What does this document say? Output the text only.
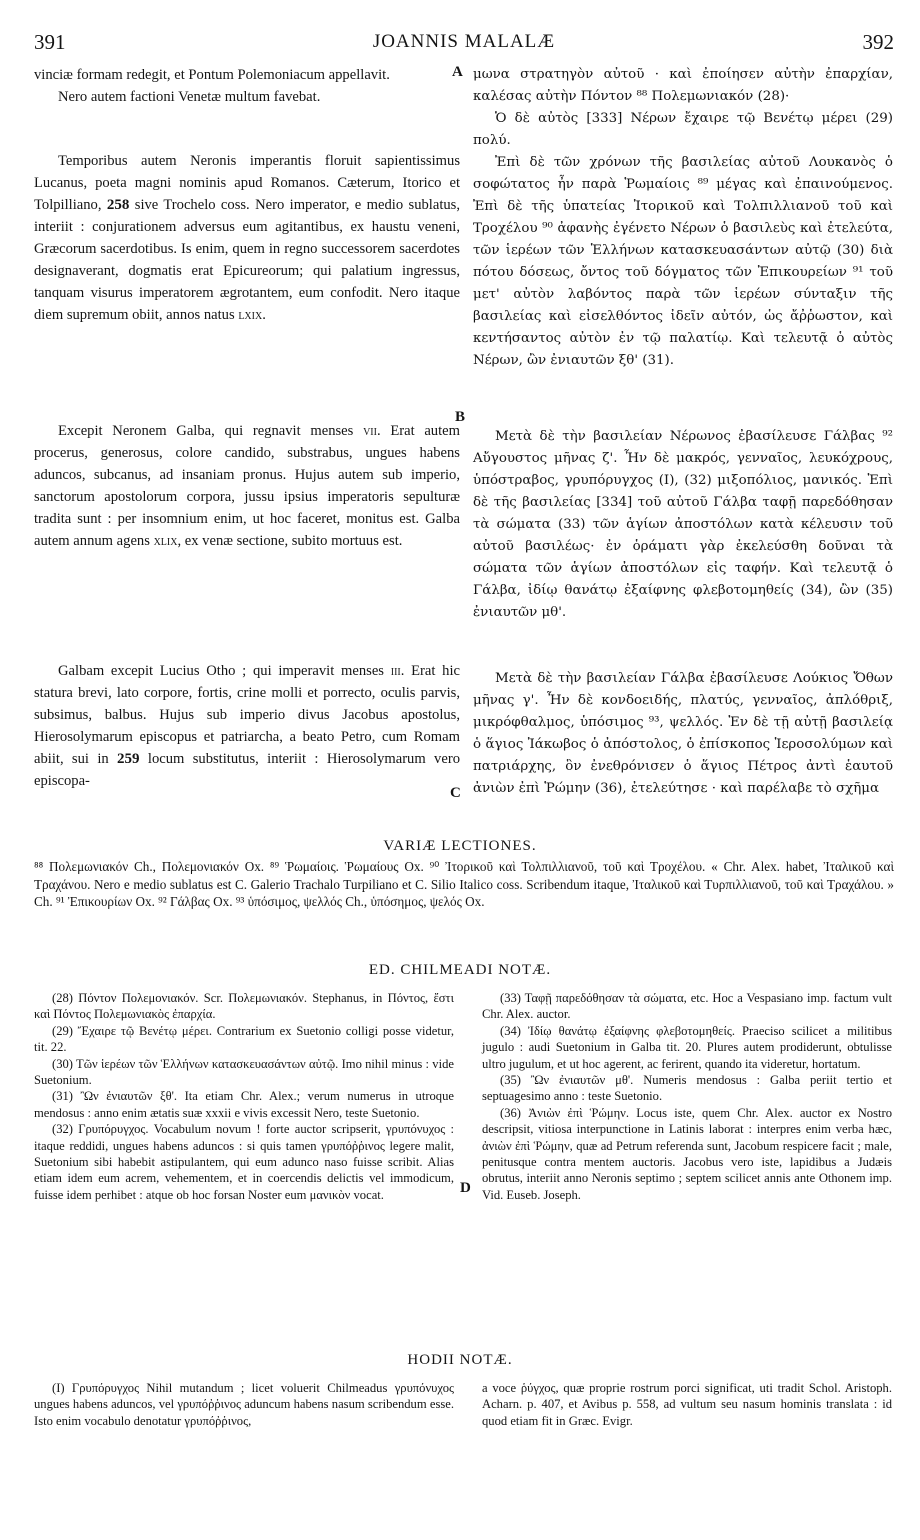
391	JOANNIS MALALÆ	392
A
B
C
D

vinciæ formam redegit, et Pontum Polemoniacum appellavit.

Nero autem factioni Venetæ multum favebat.

Temporibus autem Neronis imperantis floruit sapientissimus Lucanus, poeta magni nominis apud Romanos. Cæterum, Itorico et Tolpilliano, 258 sive Trochelo coss. Nero imperator, e medio sublatus, interiit : conjurationem adversus eum agitantibus, ex haustu veneni, Græcorum sacerdotibus. Is enim, quem in regno successorem sacerdotes designaverant, dogmatis erat Epicureorum; qui palatium ingressus, tanquam visurus imperatorem ægrotantem, eum confodit. Nero itaque diem supremum obiit, annos natus lxix.

Excepit Neronem Galba, qui regnavit menses vii. Erat autem procerus, generosus, colore candido, substrabus, ungues habens aduncos, subcanus, ad insaniam pronus. Hujus autem sub imperio, sanctorum apostolorum corpora, jussu ipsius imperatoris sepulturæ tradita sunt : per insomnium enim, ut hoc faceret, monitus est. Galba autem annum agens xlix, ex venæ sectione, subito mortuus est.

Galbam excepit Lucius Otho ; qui imperavit menses iii. Erat hic statura brevi, lato corpore, fortis, crine molli et porrecto, oculis parvis, subsimus, balbus. Hujus sub imperio divus Jacobus apostolus, Hierosolymarum episcopus et patriarcha, a beato Petro, cum Romam abiit, sui in 259 locum substitutus, interiit : Hierosolymarum vero episcopa-

μωνα στρατηγὸν αὐτοῦ · καὶ ἐποίησεν αὐτὴν ἐπαρχίαν, καλέσας αὐτὴν Πόντον ⁸⁸ Πολεμωνιακόν (28)·

Ὁ δὲ αὐτὸς [333] Νέρων ἔχαιρε τῷ Βενέτῳ μέρει (29) πολύ.

Ἐπὶ δὲ τῶν χρόνων τῆς βασιλείας αὐτοῦ Λουκανὸς ὁ σοφώτατος ἦν παρὰ Ῥωμαίοις ⁸⁹ μέγας καὶ ἐπαινούμενος. Ἐπὶ δὲ τῆς ὑπατείας Ἰτορικοῦ καὶ Τολπιλλιανοῦ τοῦ καὶ Τροχέλου ⁹⁰ ἀφανὴς ἐγένετο Νέρων ὁ βασιλεὺς καὶ ἐτελεύτα, τῶν ἱερέων τῶν Ἑλλήνων κατασκευασάντων αὐτῷ (30) διὰ πότου δόσεως, ὄντος τοῦ δόγματος τῶν Ἐπικουρείων ⁹¹ τοῦ μετ' αὐτὸν λαβόντος παρὰ τῶν ἱερέων σύνταξιν τῆς βασιλείας καὶ εἰσελθόντος ἰδεῖν αὐτόν, ὡς ἄῤῥωστον, καὶ κεντήσαντος αὐτὸν ἐν τῷ παλατίῳ. Καὶ τελευτᾷ ὁ αὐτὸς Νέρων, ὢν ἐνιαυτῶν ξθ' (31).

Μετὰ δὲ τὴν βασιλείαν Νέρωνος ἐβασίλευσε Γάλβας ⁹² Αὔγουστος μῆνας ζ'. Ἦν δὲ μακρός, γενναῖος, λευκόχρους, ὑπόστραβος, γρυπόρυγχος (I), (32) μιξοπόλιος, μανικός. Ἐπὶ δὲ τῆς βασιλείας [334] τοῦ αὐτοῦ Γάλβα ταφῇ παρεδόθησαν τὰ σώματα (33) τῶν ἁγίων ἀποστόλων κατὰ κέλευσιν τοῦ αὐτοῦ βασιλέως· ἐν ὁράματι γὰρ ἐκελεύσθη δοῦναι τὰ σώματα τῶν ἁγίων ἀποστόλων εἰς ταφήν. Καὶ τελευτᾷ ὁ Γάλβα, ἰδίῳ θανάτῳ ἐξαίφνης φλεβοτομηθείς (34), ὢν (35) ἐνιαυτῶν μθ'.

Μετὰ δὲ τὴν βασιλείαν Γάλβα ἐβασίλευσε Λούκιος Ὄθων μῆνας γ'. Ἦν δὲ κονδοειδής, πλατύς, γενναῖος, ἀπλόθριξ, μικρόφθαλμος, ὑπόσιμος ⁹³, ψελλός. Ἐν δὲ τῇ αὐτῇ βασιλείᾳ ὁ ἅγιος Ἰάκωβος ὁ ἀπόστολος, ὁ ἐπίσκοπος Ἱεροσολύμων καὶ πατριάρχης, ὃν ἐνεθρόνισεν ὁ ἅγιος Πέτρος ἀντὶ ἑαυτοῦ ἀνιὼν ἐπὶ Ῥώμην (36), ἐτελεύτησε · καὶ παρέλαβε τὸ σχῆμα

VARIÆ LECTIONES.
⁸⁸ Πολεμωνιακόν Ch., Πολεμονιακόν Ox. ⁸⁹ Ῥωμαίοις. Ῥωμαίους Ox. ⁹⁰ Ἰτορικοῦ καὶ Τολπιλλιανοῦ, τοῦ καὶ Τροχέλου. « Chr. Alex. habet, Ἰταλικοῦ καὶ Τραχάνου. Nero e medio sublatus est C. Galerio Trachalo Turpiliano et C. Silio Italico coss. Scribendum itaque, Ἰταλικοῦ καὶ Τυρπιλλιανοῦ, τοῦ καὶ Τραχάλου. » Ch. ⁹¹ Ἐπικουρίων Ox. ⁹² Γάλβας Ox. ⁹³ ὑπόσιμος, ψελλός Ch., ὑπόσημος, ψελός Ox.
ED. CHILMEADI NOTÆ.

(28) Πόντον Πολεμονιακόν. Scr. Πολεμωνιακόν. Stephanus, in Πόντος, ἔστι καὶ Πόντος Πολεμωνιακὸς ἐπαρχία.

(29) Ἔχαιρε τῷ Βενέτῳ μέρει. Contrarium ex Suetonio colligi posse videtur, tit. 22.

(30) Τῶν ἱερέων τῶν Ἑλλήνων κατασκευασάντων αὐτῷ. Imo nihil minus : vide Suetonium.

(31) Ὢν ἐνιαυτῶν ξθ'. Ita etiam Chr. Alex.; verum numerus in utroque mendosus : anno enim ætatis suæ xxxii e vivis excessit Nero, teste Suetonio.

(32) Γρυπόρυγχος. Vocabulum novum ! forte auctor scripserit, γρυπόνυχος : itaque reddidi, ungues habens aduncos : si quis tamen γρυπόῤῥινος legere malit, Suetonium sibi habebit astipulantem, qui eum adunco naso fuisse scribit. Alias etiam idem eum acrem, vehementem, et in coercendis delictis vel immodicum, fuisse idem perhibet : atque ob hoc forsan Noster eum μανικὸν vocat.

(33) Ταφῇ παρεδόθησαν τὰ σώματα, etc. Hoc a Vespasiano imp. factum vult Chr. Alex. auctor.

(34) Ἰδίῳ θανάτῳ ἐξαίφνης φλεβοτομηθείς. Praeciso scilicet a militibus jugulo : audi Suetonium in Galba tit. 20. Plures autem prodiderunt, obtulisse ultro jugulum, et ut hoc agerent, ac ferirent, quando ita videretur, hortatum.

(35) Ὢν ἐνιαυτῶν μθ'. Numeris mendosus : Galba periit tertio et septuagesimo anno : teste Suetonio.

(36) Ἀνιὼν ἐπὶ Ῥώμην. Locus iste, quem Chr. Alex. auctor ex Nostro descripsit, vitiosa interpunctione in Latinis laborat : interpres enim verba hæc, ἀνιὼν ἐπὶ Ῥώμην, quæ ad Petrum referenda sunt, Jacobum respicere facit ; male, penitusque contra mentem auctoris. Jacobus vero iste, lapidibus a Judæis obrutus, interiit anno Neronis septimo ; septem scilicet annis ante Othonem imp. Vid. Euseb. Joseph.

HODII NOTÆ.

(I) Γρυπόρυγχος Nihil mutandum ; licet voluerit Chilmeadus γρυπόνυχος ungues habens aduncos, vel γρυπόῤῥινος aduncum habens nasum scribendum esse. Isto enim vocabulo denotatur γρυπόῤῥινος,

a voce ῥύγχος, quæ proprie rostrum porci significat, uti tradit Schol. Aristoph. Acharn. p. 407, et Avibus p. 558, ad vultum seu nasum hominis translata : id quod etiam fit in Græc. Evigr.
